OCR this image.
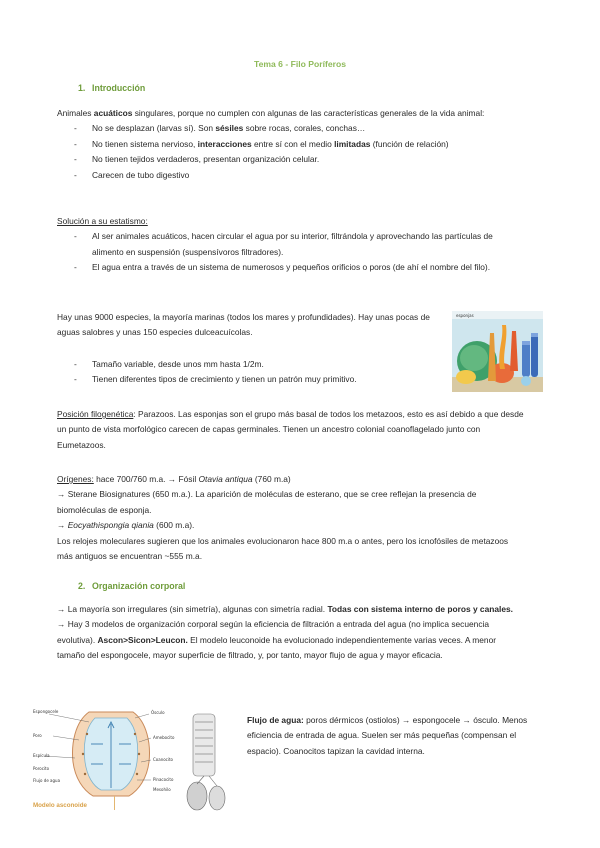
Tema 6 - Filo Poríferos
1. Introducción

Animales acuáticos singulares, porque no cumplen con algunas de las características generales de la vida animal:

- No se desplazan (larvas sí). Son sésiles sobre rocas, corales, conchas…
- No tienen sistema nervioso, interacciones entre sí con el medio limitadas (función de relación)
- No tienen tejidos verdaderos, presentan organización celular.
- Carecen de tubo digestivo

Solución a su estatismo:

- Al ser animales acuáticos, hacen circular el agua por su interior, filtrándola y aprovechando las partículas de alimento en suspensión (suspensívoros filtradores).
- El agua entra a través de un sistema de numerosos y pequeños orificios o poros (de ahí el nombre del filo).

Hay unas 9000 especies, la mayoría marinas (todos los mares y profundidades). Hay unas pocas de aguas salobres y unas 150 especies dulceacuícolas.

- Tamaño variable, desde unos mm hasta 1/2m.
- Tienen diferentes tipos de crecimiento y tienen un patrón muy primitivo.
esponjas

Posición filogenética: Parazoos. Las esponjas son el grupo más basal de todos los metazoos, esto es así debido a que desde un punto de vista morfológico carecen de capas germinales. Tienen un ancestro colonial coanoflagelado junto con Eumetazoos.

Orígenes: hace 700/760 m.a. → Fósil Otavia antiqua (760 m.a)

→ Sterane Biosignatures (650 m.a.). La aparición de moléculas de esterano, que se cree reflejan la presencia de biomoléculas de esponja.

→ Eocyathispongia qiania (600 m.a).

Los relojes moleculares sugieren que los animales evolucionaron hace 800 m.a o antes, pero los icnofósiles de metazoos más antiguos se encuentran ~555 m.a.

2. Organización corporal

→ La mayoría son irregulares (sin simetría), algunas con simetría radial. Todas con sistema interno de poros y canales.

→ Hay 3 modelos de organización corporal según la eficiencia de filtración a entrada del agua (no implica secuencia evolutiva). Ascon>Sicon>Leucon. El modelo leuconoide ha evolucionado independientemente varias veces. A menor tamaño del espongocele, mayor superficie de filtrado, y, por tanto, mayor flujo de agua y mayor eficacia.

Espongocele	Ósculo
Poro	Amebocito
Espícula
Coanocito
Porocito
Pinacocito
Mesohilo
Flujo de agua
Modelo asconoide

Flujo de agua: poros dérmicos (ostiolos) → espongocele → ósculo. Menos eficiencia de entrada de agua. Suelen ser más pequeñas (compensan el espacio). Coanocitos tapizan la cavidad interna.
